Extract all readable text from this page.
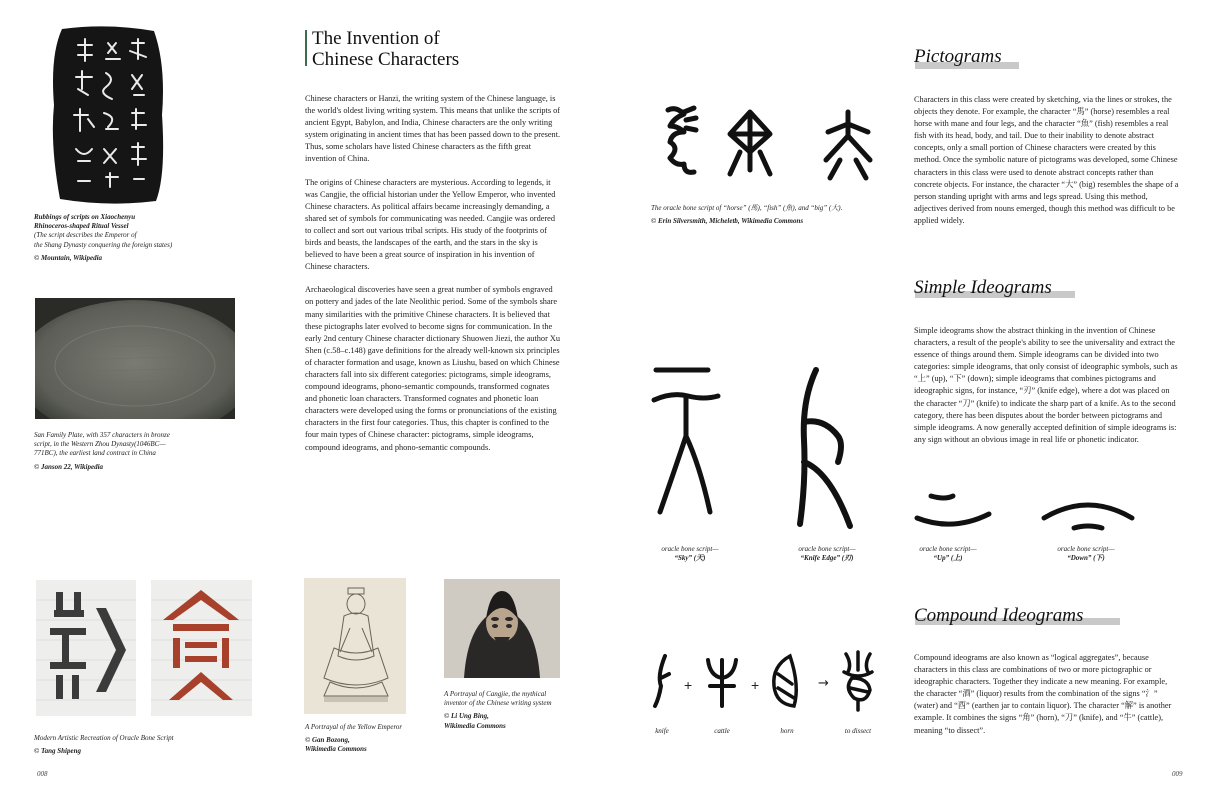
Rubbings of scripts on Xiaochenyu
Rhinoceros-shaped Ritual Vessel
(The script describes the Emperor of
the Shang Dynasty conquering the foreign states)
© Mountain, Wikipedia
San Family Plate, with 357 characters in bronze
script, in the Western Zhou Dynasty(1046BC—
771BC), the earliest land contract in China
© Janson 22, Wikipedia
The Invention of
Chinese Characters

Chinese characters or Hanzi, the writing system of the Chinese language, is the world's oldest living writing system. This means that unlike the scripts of ancient Egypt, Babylon, and India, Chinese characters are the only writing system originating in ancient times that has been passed down to the present. Thus, some scholars have listed Chinese characters as the fifth great invention of China.

The origins of Chinese characters are mysterious. According to legends, it was Cangjie, the official historian under the Yellow Emperor, who invented Chinese characters. As political affairs became increasingly demanding, a shared set of symbols for communicating was needed. Cangjie was ordered to collect and sort out various tribal scripts. His study of the footprints of birds and beasts, the landscapes of the earth, and the stars in the sky is believed to have been a great source of inspiration in his invention of Chinese characters.

Archaeological discoveries have seen a great number of symbols engraved on pottery and jades of the late Neolithic period. Some of the symbols share many similarities with the primitive Chinese characters. It is believed that these pictographs later evolved to become signs for communication. In the early 2nd century Chinese character dictionary Shuowen Jiezi, the author Xu Shen (c.58–c.148) gave definitions for the already well-known six principles of character formation and usage, known as Liushu, based on which Chinese characters fall into six different categories: pictograms, simple ideograms, compound ideograms, phono-semantic compounds, transformed cognates and phonetic loan characters. Transformed cognates and phonetic loan characters were developed using the forms or pronunciations of the existing characters in the first four categories. Thus, this chapter is confined to the four main types of Chinese character: pictograms, simple ideograms, compound ideograms, and phono-semantic compounds.

Modern Artistic Recreation of Oracle Bone Script
© Tang Shipeng
A Portrayal of the Yellow Emperor
© Gan Bozong,
Wikimedia Commons
A Portrayal of Cangjie, the mythical
inventor of the Chinese writing system
© Li Ung Bing,
Wikimedia Commons
008
The oracle bone script of “horse” (馬), “fish” (魚), and “big” (大).
© Erin Silversmith, Micheletb, Wikimedia Commons
Pictograms
Characters in this class were created by sketching, via the lines or strokes, the objects they denote. For example, the character “馬” (horse) resembles a real horse with mane and four legs, and the character “魚” (fish) resembles a real fish with its head, body, and tail. Due to their inability to denote abstract concepts, only a small portion of Chinese characters were created by this method. Once the symbolic nature of pictograms was developed, some Chinese characters in this class were used to denote abstract concepts rather than concrete objects. For instance, the character “大” (big) resembles the shape of a person standing upright with arms and legs spread. Using this method, adjectives derived from nouns emerged, though this method was difficult to be applied widely.
Simple Ideograms
Simple ideograms show the abstract thinking in the invention of Chinese characters, a result of the people's ability to see the universality and extract the essence of things around them. Simple ideograms can be divided into two categories: simple ideograms, that only consist of ideographic symbols, such as “上” (up), “下” (down); simple ideograms that combines pictograms and ideographic signs, for instance, “刃” (knife edge), where a dot was placed on the character “刀” (knife) to indicate the sharp part of a knife. As to the second category, there has been disputes about the border between pictograms and simple ideograms. A now generally accepted definition of simple ideograms is: any sign without an obvious image in real life or phonetic indicator.
oracle bone script—
“Sky” (天)
oracle bone script—
“Knife Edge” (刃)
oracle bone script—
“Up” (上)
oracle bone script—
“Down” (下)
Compound Ideograms
Compound ideograms are also known as “logical aggregates”, because characters in this class are combinations of two or more pictographic or ideographic characters. Together they indicate a new meaning. For example, the character “酒” (liquor) results from the combination of the signs “氵” (water) and “酉” (earthen jar to contain liquor). The character “解” is another example. It combines the signs “角” (horn), “刀” (knife), and “牛” (cattle), meaning “to dissect”.
+	+	→
knife	cattle	horn	to dissect
009
